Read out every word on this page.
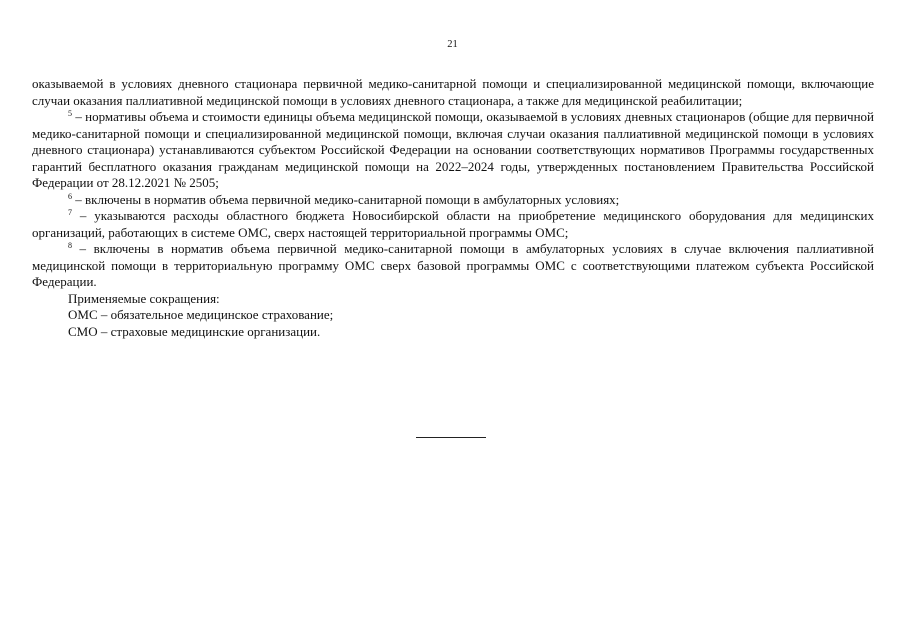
21

оказываемой в условиях дневного стационара первичной медико-санитарной помощи и специализированной медицинской помощи, включающие случаи оказания паллиативной медицинской помощи в условиях дневного стационара, а также для медицинской реабилитации;

$^5$ – нормативы объема и стоимости единицы объема медицинской помощи, оказываемой в условиях дневных стационаров (общие для первичной медико-санитарной помощи и специализированной медицинской помощи, включая случаи оказания паллиативной медицинской помощи в условиях дневного стационара) устанавливаются субъектом Российской Федерации на основании соответствующих нормативов Программы государственных гарантий бесплатного оказания гражданам медицинской помощи на 2022–2024 годы, утвержденных постановлением Правительства Российской Федерации от 28.12.2021 № 2505;

$^6$ – включены в норматив объема первичной медико-санитарной помощи в амбулаторных условиях;

$^7$ – указываются расходы областного бюджета Новосибирской области на приобретение медицинского оборудования для медицинских организаций, работающих в системе ОМС, сверх настоящей территориальной программы ОМС;

$^8$ – включены в норматив объема первичной медико-санитарной помощи в амбулаторных условиях в случае включения паллиативной медицинской помощи в территориальную программу ОМС сверх базовой программы ОМС с соответствующими платежом субъекта Российской Федерации.

Применяемые сокращения:

ОМС – обязательное медицинское страхование;

СМО – страховые медицинские организации.
